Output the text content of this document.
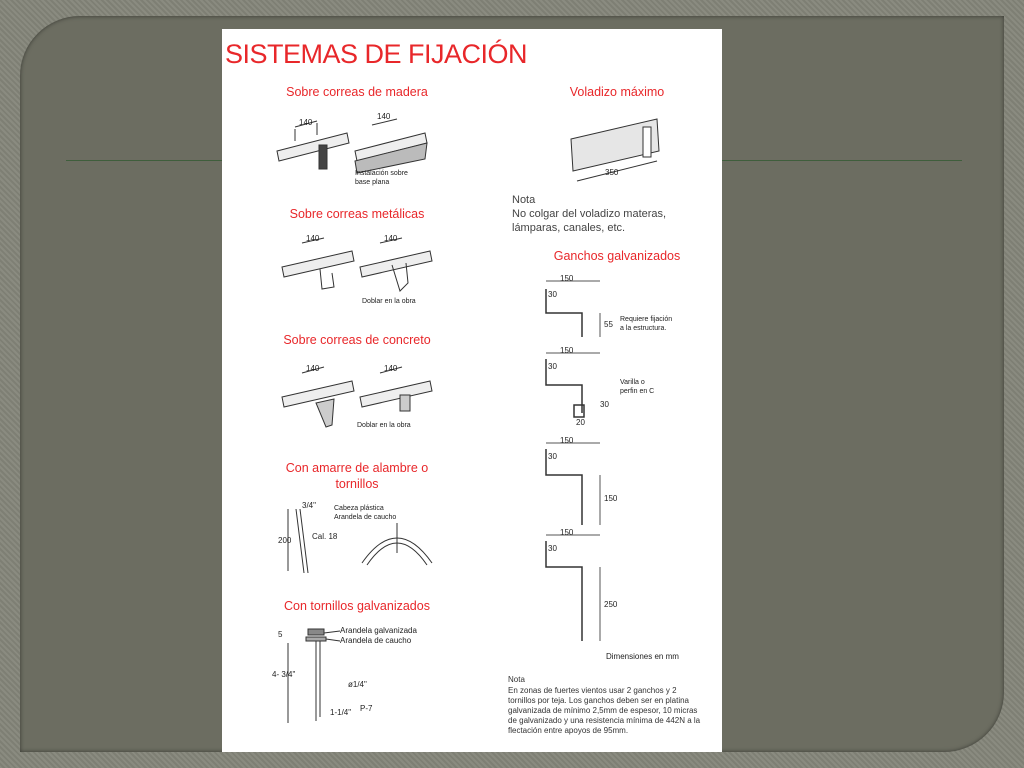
SISTEMAS DE FIJACIÓN
Sobre correas de madera
140
140
Instalación sobre
base plana
Sobre correas metálicas
140	140
Doblar en la obra
Sobre correas de concreto
140	140
Doblar en la obra
Con amarre de alambre o
tornillos
200
3/4"
Cal. 18
Cabeza plástica
Arandela de caucho
Con tornillos galvanizados
5
4- 3/4"
ø1/4"
1-1/4" P-7
Arandela galvanizada
Arandela de caucho
Voladizo máximo
350
Nota
No colgar del voladizo materas,
lámparas, canales, etc.
Ganchos galvanizados
150
30
55
Requiere fijación
a la estructura.
150
30
30
20
Varilla o
perfin en C
150
30
150
150
30
250
Dimensiones en mm
Nota
En zonas de fuertes vientos usar 2 ganchos y 2
tornillos por teja. Los ganchos deben ser en platina
galvanizada de mínimo 2,5mm de espesor, 10 micras
de galvanizado y una resistencia mínima de 442N a la
flectación entre apoyos de 95mm.
